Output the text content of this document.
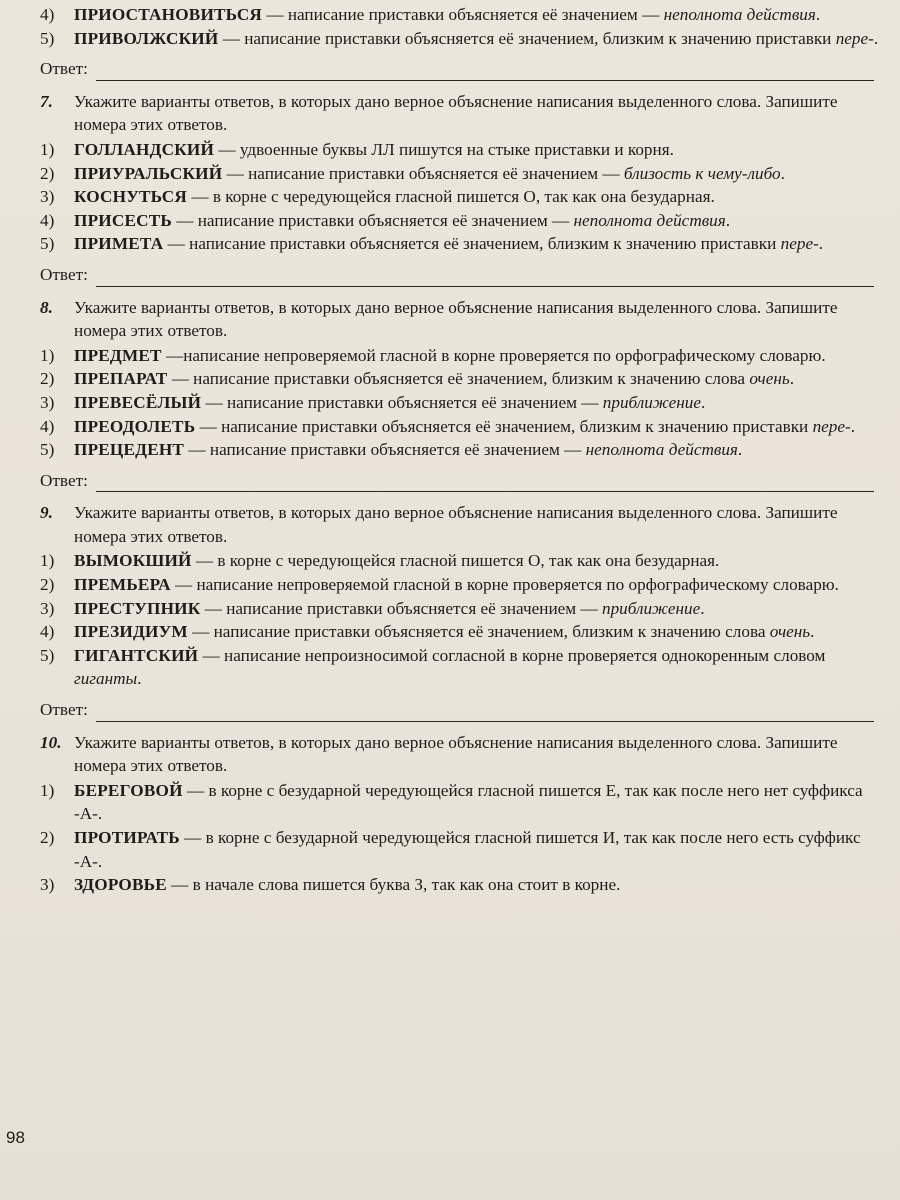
4) ПРИОСТАНОВИТЬСЯ — написание приставки объясняется её значением — неполнота действия.
5) ПРИВОЛЖСКИЙ — написание приставки объясняется её значением, близким к значению приставки пере-.
Ответ:
7. Укажите варианты ответов, в которых дано верное объяснение написания выделенного слова. Запишите номера этих ответов.
1) ГОЛЛАНДСКИЙ — удвоенные буквы ЛЛ пишутся на стыке приставки и корня.
2) ПРИУРАЛЬСКИЙ — написание приставки объясняется её значением — близость к чему-либо.
3) КОСНУТЬСЯ — в корне с чередующейся гласной пишется О, так как она безударная.
4) ПРИСЕСТЬ — написание приставки объясняется её значением — неполнота действия.
5) ПРИМЕТА — написание приставки объясняется её значением, близким к значению приставки пере-.
Ответ:
8. Укажите варианты ответов, в которых дано верное объяснение написания выделенного слова. Запишите номера этих ответов.
1) ПРЕДМЕТ —написание непроверяемой гласной в корне проверяется по орфографическому словарю.
2) ПРЕПАРАТ — написание приставки объясняется её значением, близким к значению слова очень.
3) ПРЕВЕСЁЛЫЙ — написание приставки объясняется её значением — приближение.
4) ПРЕОДОЛЕТЬ — написание приставки объясняется её значением, близким к значению приставки пере-.
5) ПРЕЦЕДЕНТ — написание приставки объясняется её значением — неполнота действия.
Ответ:
9. Укажите варианты ответов, в которых дано верное объяснение написания выделенного слова. Запишите номера этих ответов.
1) ВЫМОКШИЙ — в корне с чередующейся гласной пишется О, так как она безударная.
2) ПРЕМЬЕРА — написание непроверяемой гласной в корне проверяется по орфографическому словарю.
3) ПРЕСТУПНИК — написание приставки объясняется её значением — приближение.
4) ПРЕЗИДИУМ — написание приставки объясняется её значением, близким к значению слова очень.
5) ГИГАНТСКИЙ — написание непроизносимой согласной в корне проверяется однокоренным словом гиганты.
Ответ:
10. Укажите варианты ответов, в которых дано верное объяснение написания выделенного слова. Запишите номера этих ответов.
1) БЕРЕГОВОЙ — в корне с безударной чередующейся гласной пишется Е, так как после него нет суффикса -А-.
2) ПРОТИРАТЬ — в корне с безударной чередующейся гласной пишется И, так как после него есть суффикс -А-.
3) ЗДОРОВЬЕ — в начале слова пишется буква З, так как она стоит в корне.
98
